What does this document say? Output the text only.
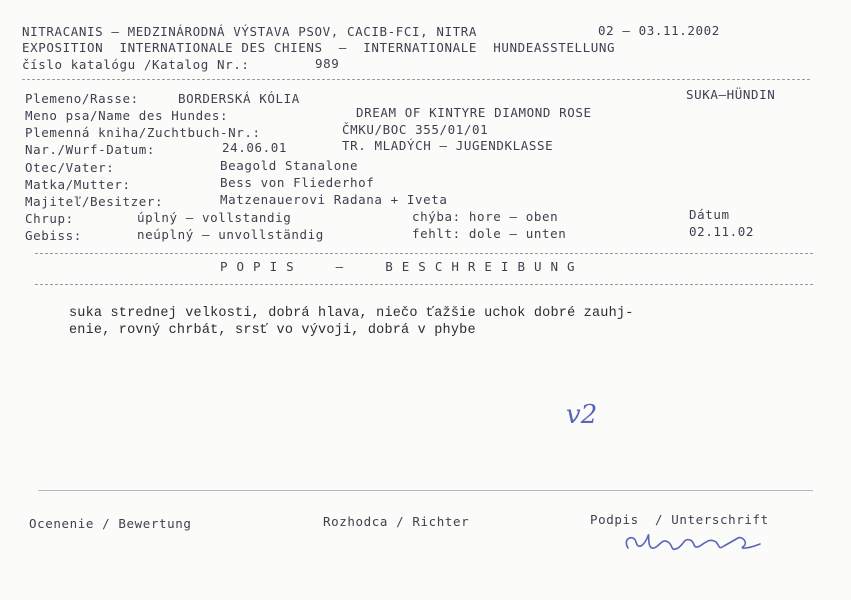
NITRACANIS – MEDZINÁRODNÁ VÝSTAVA PSOV, CACIB-FCI, NITRA	02 – 03.11.2002
EXPOSITION  INTERNATIONALE DES CHIENS  –  INTERNATIONALE  HUNDEASSTELLUNG
číslo katalógu /Katalog Nr.:	989
Plemeno/Rasse:	BORDERSKÁ KÓLIA	SUKA–HÜNDIN
Meno psa/Name des Hundes:	DREAM OF KINTYRE DIAMOND ROSE
Plemenná kniha/Zuchtbuch-Nr.:	ČMKU/BOC 355/01/01
Nar./Wurf-Datum:	24.06.01	TR. MLADÝCH – JUGENDKLASSE
Otec/Vater:	Beagold Stanalone
Matka/Mutter:	Bess von Fliederhof
Majiteľ/Besitzer:	Matzenauerovi Radana + Iveta
Chrup:	úplný – vollstandig	chýba: hore – oben	Dátum
Gebiss:	neúplný – unvollständig	fehlt: dole – unten	02.11.02
POPIS  –  BESCHREIBUNG
suka strednej velkosti, dobrá hlava, niečo ťažšie uchok dobré zauhj-
enie, rovný chrbát, srsť vo vývoji, dobrá v phybe
v2
Ocenenie / Bewertung	Rozhodca / Richter	Podpis  / Unterschrift
